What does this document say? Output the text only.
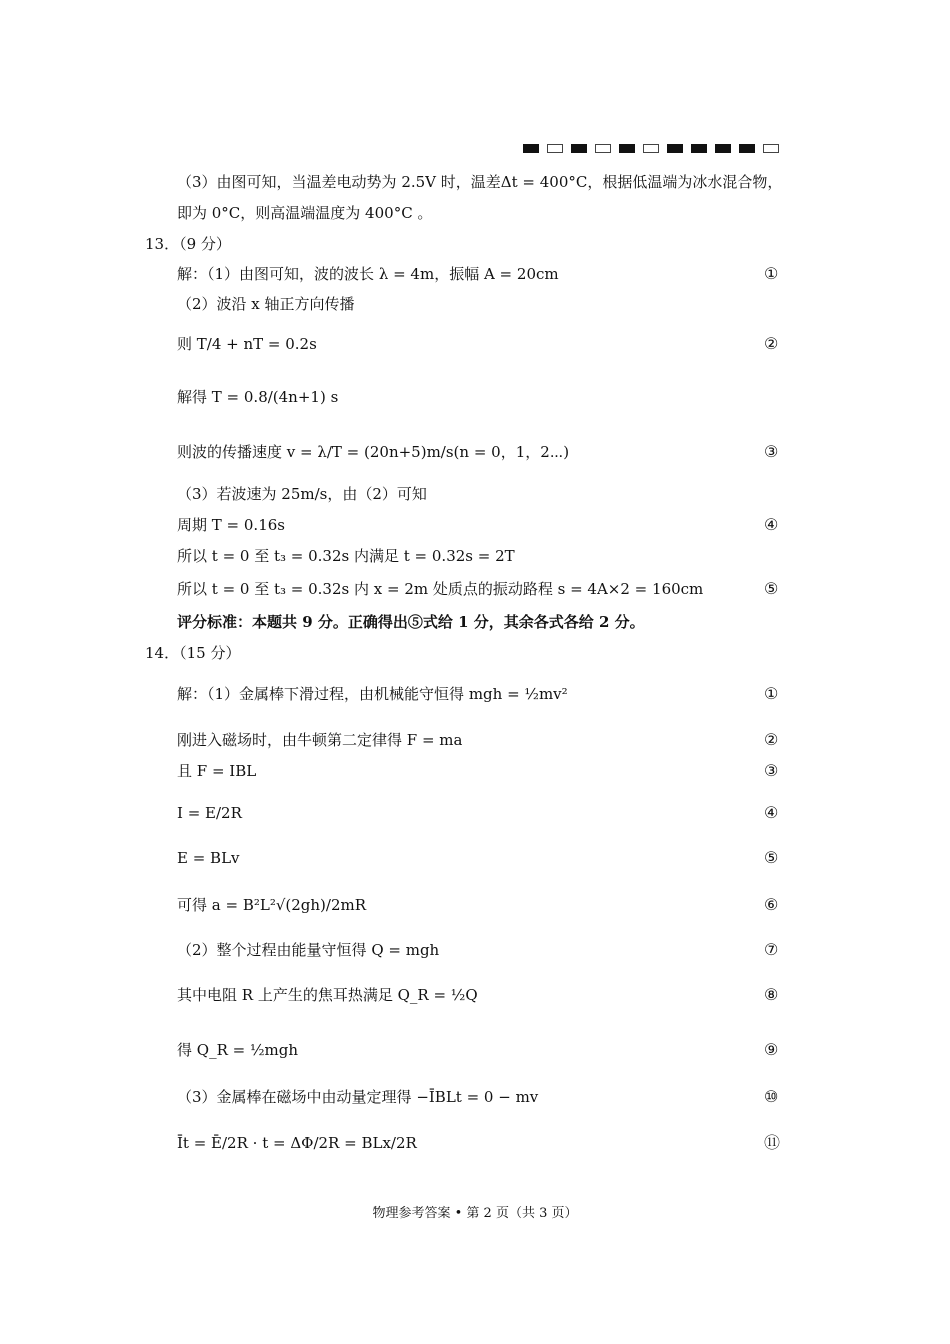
（3）由图可知，当温差电动势为 2.5V 时，温差Δt = 400°C，根据低温端为冰水混合物，
即为 0°C，则高温端温度为 400°C 。
13．（9 分）
解：（1）由图可知，波的波长 λ = 4m，振幅 A = 20cm	①
（2）波沿 x 轴正方向传播
则 T/4 + nT = 0.2s	②
解得 T = 0.8/(4n+1) s
则波的传播速度 v = λ/T = (20n+5)m/s(n = 0，1，2⋯)	③
（3）若波速为 25m/s，由（2）可知
周期 T = 0.16s	④
所以 t = 0 至 t₃ = 0.32s 内满足 t = 0.32s = 2T
所以 t = 0 至 t₃ = 0.32s 内 x = 2m 处质点的振动路程 s = 4A×2 = 160cm	⑤
评分标准：本题共 9 分。正确得出⑤式给 1 分，其余各式各给 2 分。
14．（15 分）
解：（1）金属棒下滑过程，由机械能守恒得 mgh = ½mv²	①
刚进入磁场时，由牛顿第二定律得 F = ma	②
且 F = IBL	③
I = E/2R	④
E = BLv	⑤
可得 a = B²L²√(2gh)/2mR	⑥
（2）整个过程由能量守恒得 Q = mgh	⑦
其中电阻 R 上产生的焦耳热满足 Q_R = ½Q	⑧
得 Q_R = ½mgh	⑨
（3）金属棒在磁场中由动量定理得 −ĪBLt = 0 − mv	⑩
Īt = Ē/2R · t = ΔΦ/2R = BLx/2R	⑪
物理参考答案 • 第 2 页（共 3 页）
